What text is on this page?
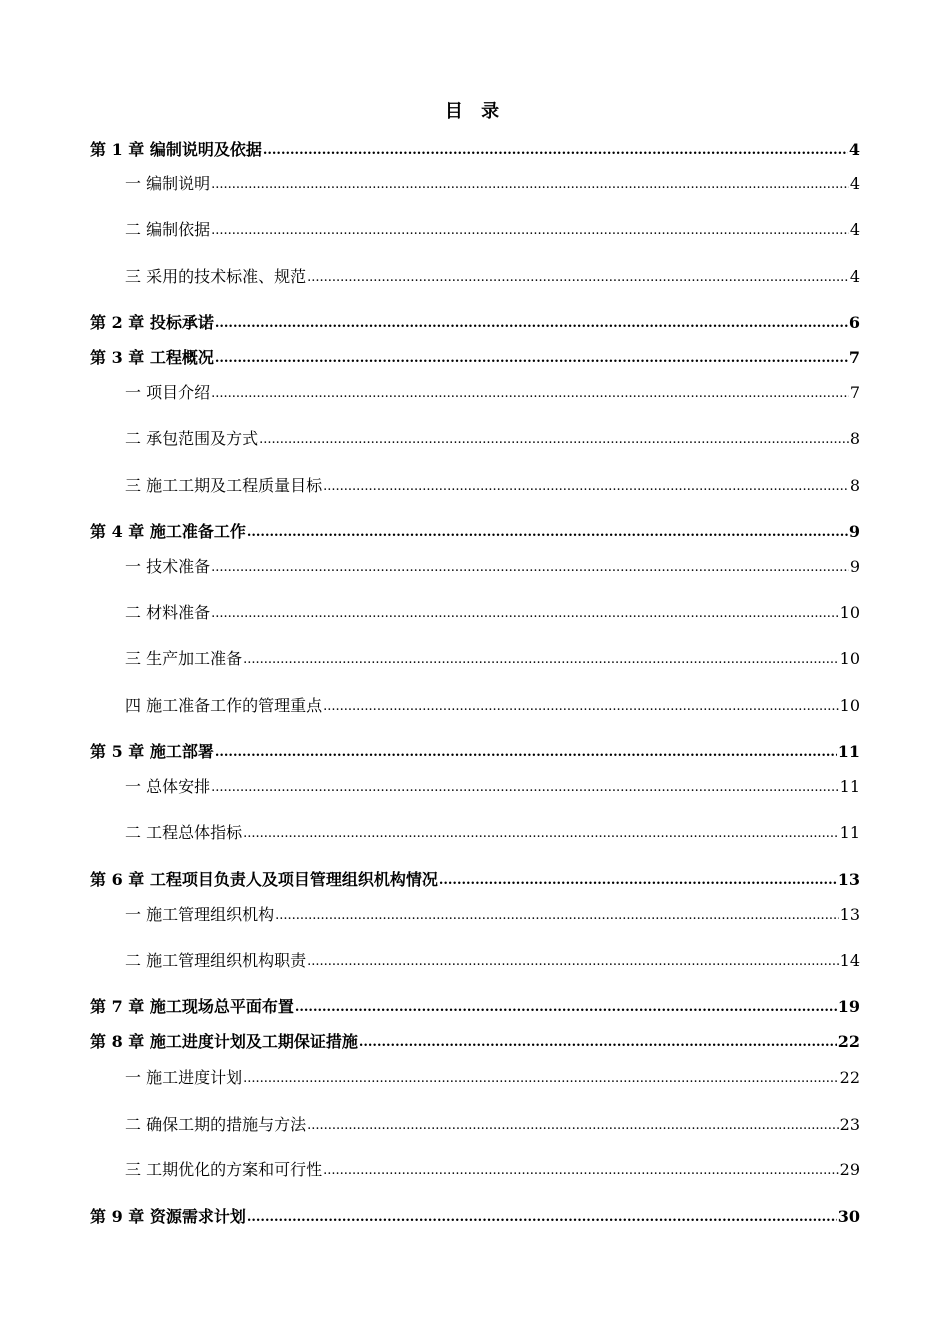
目 录
第 1 章 编制说明及依据 .....	4
一 编制说明 .....	4
二 编制依据 .....	4
三 采用的技术标准、规范 .....	4
第 2 章 投标承诺 .....	6
第 3 章 工程概况 .....	7
一 项目介绍 .....	7
二 承包范围及方式 .....	8
三 施工工期及工程质量目标 .....	8
第 4 章 施工准备工作 .....	9
一 技术准备 .....	9
二 材料准备 .....	10
三 生产加工准备 .....	10
四 施工准备工作的管理重点 .....	10
第 5 章 施工部署 .....	11
一 总体安排 .....	11
二 工程总体指标 .....	11
第 6 章 工程项目负责人及项目管理组织机构情况 .....	13
一 施工管理组织机构 .....	13
二 施工管理组织机构职责 .....	14
第 7 章 施工现场总平面布置 .....	19
第 8 章 施工进度计划及工期保证措施 .....	22
一 施工进度计划 .....	22
二 确保工期的措施与方法 .....	23
三 工期优化的方案和可行性 .....	29
第 9 章 资源需求计划 .....	30
